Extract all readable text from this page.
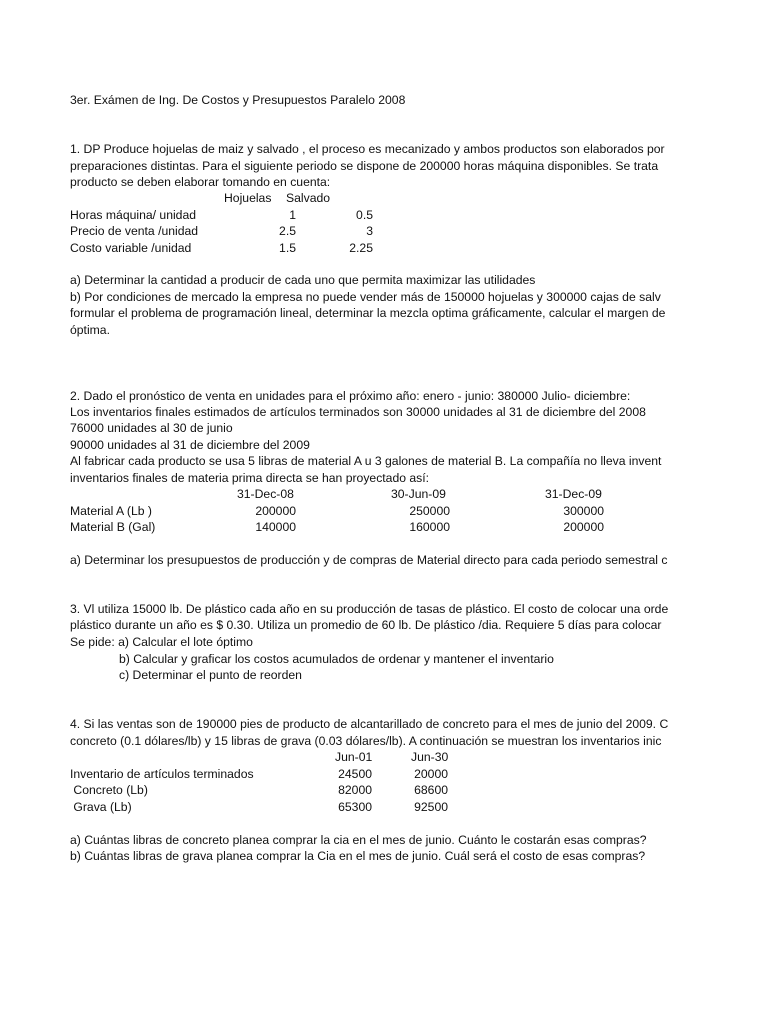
3er. Exámen de Ing. De Costos y Presupuestos Paralelo 2008
1. DP Produce hojuelas de maiz y salvado , el proceso es mecanizado y ambos productos son elaborados por
preparaciones distintas. Para el siguiente periodo se dispone de 200000 horas máquina disponibles. Se trata
producto se deben elaborar tomando en cuenta:
Hojuelas Salvado
Horas máquina/ unidad	1	0.5
Precio de venta /unidad	2.5	3
Costo variable /unidad	1.5	2.25
a) Determinar la cantidad a producir de cada uno que permita maximizar las utilidades
b) Por condiciones de mercado la empresa no puede vender más de 150000 hojuelas y 300000 cajas de salv
formular el problema de programación lineal, determinar la mezcla optima gráficamente, calcular el margen de
óptima.
2. Dado el pronóstico de venta en unidades para el próximo año: enero - junio: 380000 Julio- diciembre:
Los inventarios finales estimados de artículos terminados son 30000 unidades al 31 de diciembre del 2008
76000 unidades al 30 de junio
90000 unidades al 31 de diciembre del 2009
Al fabricar cada producto se usa 5 libras de material A u 3 galones de material B. La compañía no lleva invent
inventarios finales de materia prima directa se han proyectado así:
31-Dec-08	30-Jun-09	31-Dec-09
Material A (Lb )	200000	250000	300000
Material B (Gal)	140000	160000	200000
a) Determinar los presupuestos de producción y de compras de Material directo para cada periodo semestral c
3. Vl utiliza 15000 lb. De plástico cada año en su producción de tasas de plástico. El costo de colocar una orde
plástico durante un año es $ 0.30. Utiliza un promedio de 60 lb. De plástico /dia. Requiere 5 días para colocar
Se pide: a) Calcular el lote óptimo
b) Calcular y graficar los costos acumulados de ordenar y mantener el inventario
c) Determinar el punto de reorden
4. Si las ventas son de 190000 pies de producto de alcantarillado de concreto para el mes de junio del 2009. C
concreto (0.1 dólares/lb) y 15 libras de grava (0.03 dólares/lb). A continuación se muestran los inventarios inic
Jun-01	Jun-30
Inventario de artículos terminados	24500	20000
Concreto (Lb)	82000	68600
Grava (Lb)	65300	92500
a) Cuántas libras de concreto planea comprar la cia en el mes de junio. Cuánto le costarán esas compras?
b) Cuántas libras de grava planea comprar la Cia en el mes de junio. Cuál será el costo de esas compras?
